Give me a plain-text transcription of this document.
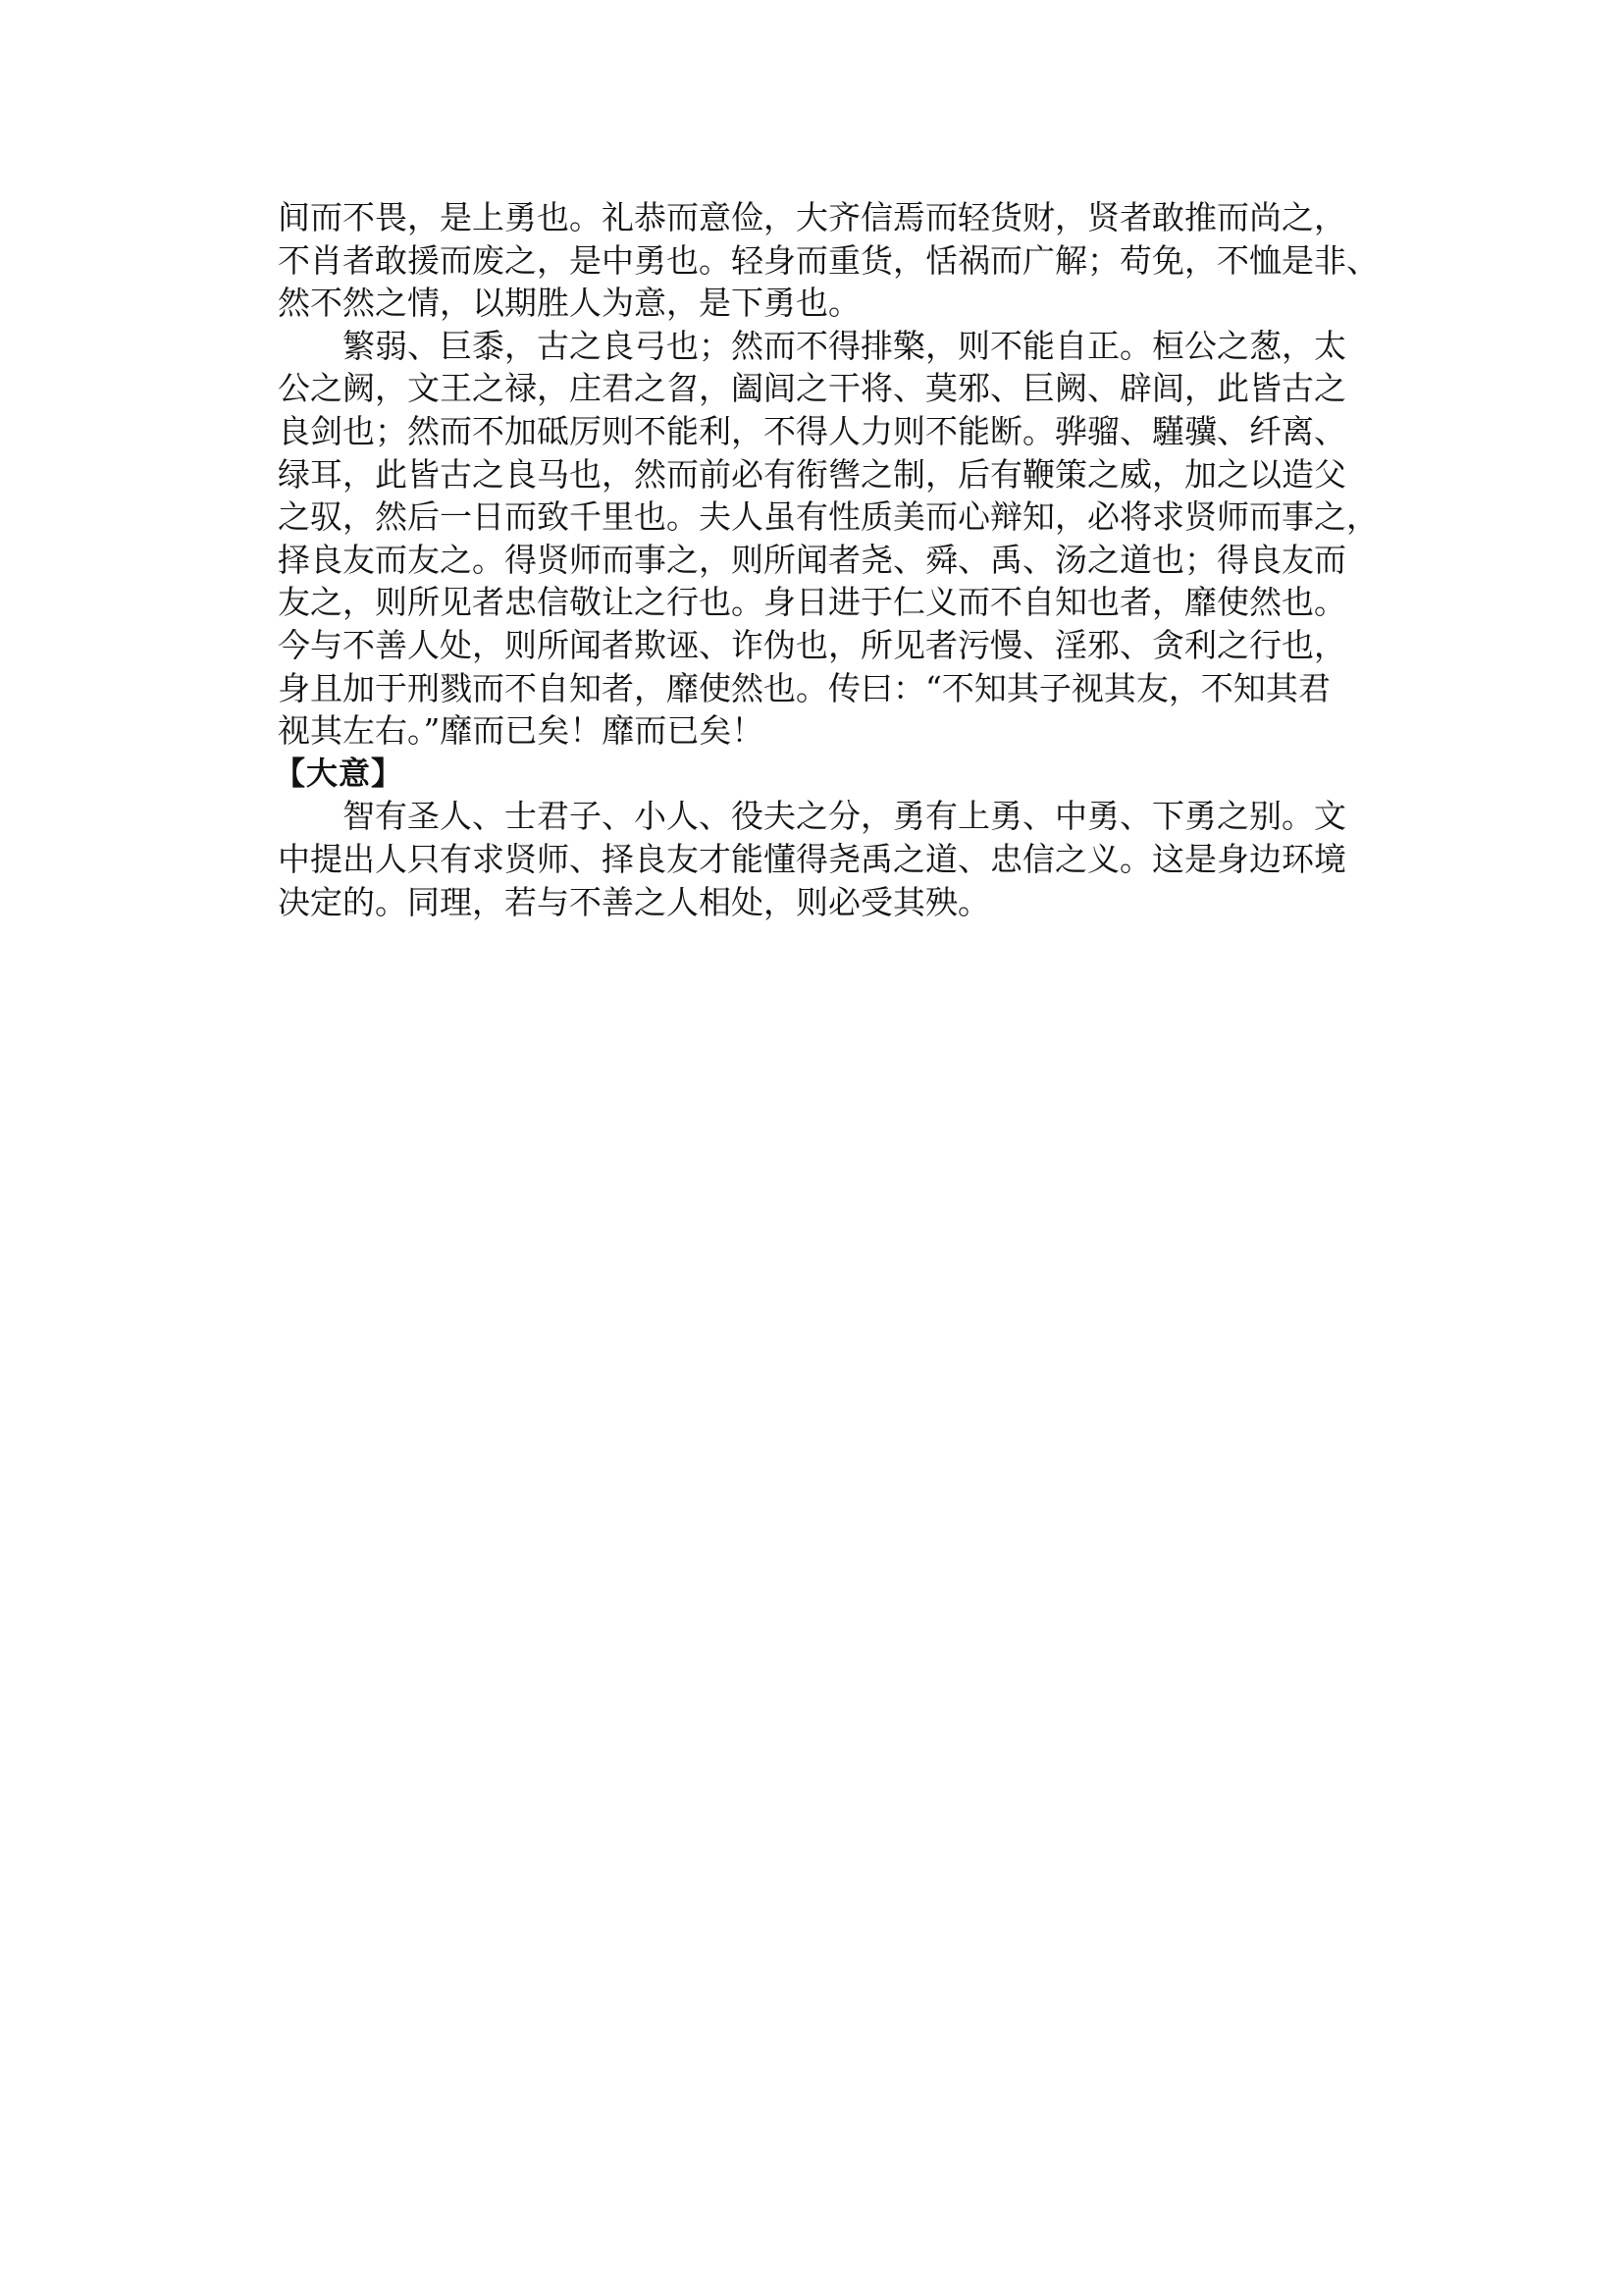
间而不畏，是上勇也。礼恭而意俭，大齐信焉而轻货财，贤者敢推而尚之，
不肖者敢援而废之，是中勇也。轻身而重货，恬祸而广解；苟免，不恤是非、
然不然之情，以期胜人为意，是下勇也。
繁弱、巨黍，古之良弓也；然而不得排檠，则不能自正。桓公之葱，太
公之阙，文王之禄，庄君之曶，阖闾之干将、莫邪、巨阙、辟闾，此皆古之
良剑也；然而不加砥厉则不能利，不得人力则不能断。骅骝、騹骥、纤离、
绿耳，此皆古之良马也，然而前必有衔辔之制，后有鞭策之威，加之以造父
之驭，然后一日而致千里也。夫人虽有性质美而心辩知，必将求贤师而事之，
择良友而友之。得贤师而事之，则所闻者尧、舜、禹、汤之道也；得良友而
友之，则所见者忠信敬让之行也。身日进于仁义而不自知也者，靡使然也。
今与不善人处，则所闻者欺诬、诈伪也，所见者污慢、淫邪、贪利之行也，
身且加于刑戮而不自知者，靡使然也。传曰：“不知其子视其友，不知其君
视其左右。”靡而已矣！靡而已矣！
【大意】
智有圣人、士君子、小人、役夫之分，勇有上勇、中勇、下勇之别。文
中提出人只有求贤师、择良友才能懂得尧禹之道、忠信之义。这是身边环境
决定的。同理，若与不善之人相处，则必受其殃。
